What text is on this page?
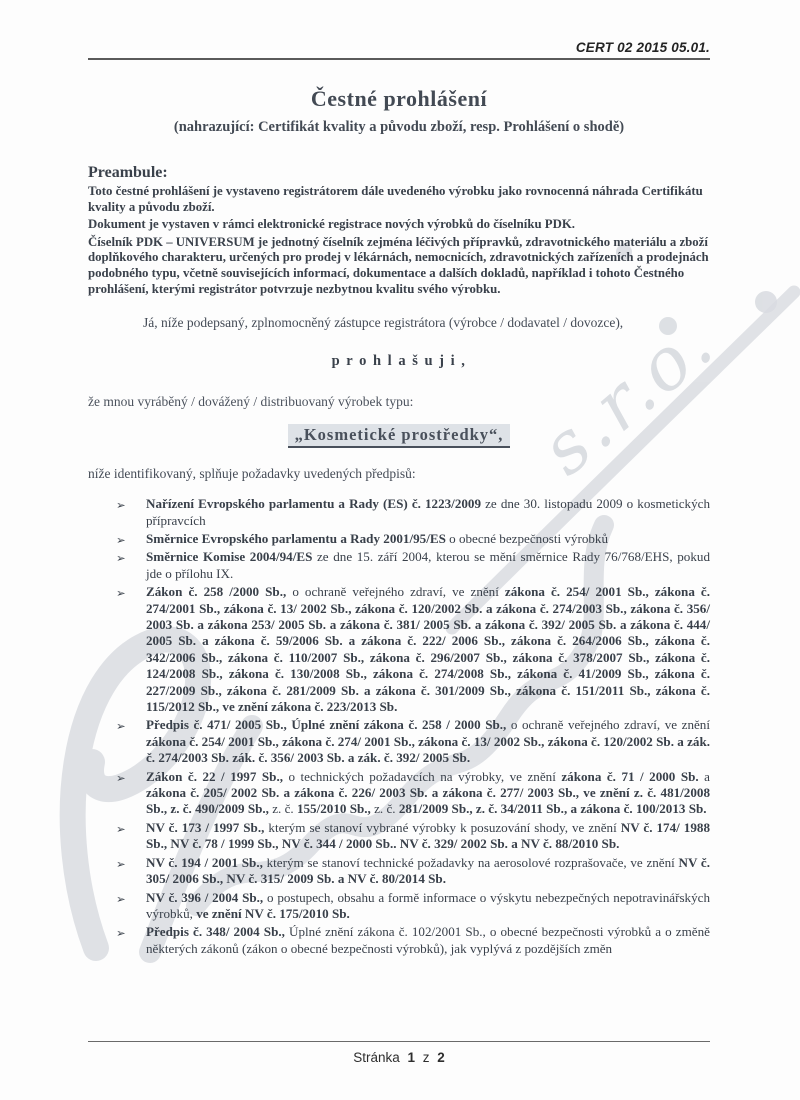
s.r.o.
CERT 02 2015 05.01.
Čestné prohlášení
(nahrazující: Certifikát kvality a původu zboží, resp. Prohlášení o shodě)
Preambule:

Toto čestné prohlášení je vystaveno registrátorem dále uvedeného výrobku jako rovnocenná náhrada Certifikátu kvality a původu zboží.

Dokument je vystaven v rámci elektronické registrace nových výrobků do číselníku PDK.

Číselník PDK – UNIVERSUM je jednotný číselník zejména léčivých přípravků, zdravotnického materiálu a zboží doplňkového charakteru, určených pro prodej v lékárnách, nemocnicích, zdravotnických zařízeních a prodejnách podobného typu, včetně souvisejících informací, dokumentace a dalších dokladů, například i tohoto Čestného prohlášení, kterými registrátor potvrzuje nezbytnou kvalitu svého výrobku.

Já, níže podepsaný, zplnomocněný zástupce registrátora (výrobce / dodavatel / dovozce),
p r o h l a š u j i ,
že mnou vyráběný / dovážený / distribuovaný výrobek typu:
„Kosmetické prostředky“,
níže identifikovaný, splňuje požadavky uvedených předpisů:
➢ Nařízení Evropského parlamentu a Rady (ES) č. 1223/2009 ze dne 30. listopadu 2009 o kosmetických přípravcích
➢ Směrnice Evropského parlamentu a Rady 2001/95/ES o obecné bezpečnosti výrobků
➢ Směrnice Komise 2004/94/ES ze dne 15. září 2004, kterou se mění směrnice Rady 76/768/EHS, pokud jde o přílohu IX.
➢ Zákon č. 258 /2000 Sb., o ochraně veřejného zdraví, ve znění zákona č. 254/ 2001 Sb., zákona č. 274/2001 Sb., zákona č. 13/ 2002 Sb., zákona č. 120/2002 Sb. a zákona č. 274/2003 Sb., zákona č. 356/ 2003 Sb. a zákona 253/ 2005 Sb. a zákona č. 381/ 2005 Sb. a zákona č. 392/ 2005 Sb. a zákona č. 444/ 2005 Sb. a zákona č. 59/2006 Sb. a zákona č. 222/ 2006 Sb., zákona č. 264/2006 Sb., zákona č. 342/2006 Sb., zákona č. 110/2007 Sb., zákona č. 296/2007 Sb., zákona č. 378/2007 Sb., zákona č. 124/2008 Sb., zákona č. 130/2008 Sb., zákona č. 274/2008 Sb., zákona č. 41/2009 Sb., zákona č. 227/2009 Sb., zákona č. 281/2009 Sb. a zákona č. 301/2009 Sb., zákona č. 151/2011 Sb., zákona č. 115/2012 Sb., ve znění zákona č. 223/2013 Sb.
➢ Předpis č. 471/ 2005 Sb., Úplné znění zákona č. 258 / 2000 Sb., o ochraně veřejného zdraví, ve znění zákona č. 254/ 2001 Sb., zákona č. 274/ 2001 Sb., zákona č. 13/ 2002 Sb., zákona č. 120/2002 Sb. a zák. č. 274/2003 Sb. zák. č. 356/ 2003 Sb. a zák. č. 392/ 2005 Sb.
➢ Zákon č. 22 / 1997 Sb., o technických požadavcích na výrobky, ve znění zákona č. 71 / 2000 Sb. a zákona č. 205/ 2002 Sb. a zákona č. 226/ 2003 Sb. a zákona č. 277/ 2003 Sb., ve znění z. č. 481/2008 Sb., z. č. 490/2009 Sb., z. č. 155/2010 Sb., z. č. 281/2009 Sb., z. č. 34/2011 Sb., a zákona č. 100/2013 Sb.
➢ NV č. 173 / 1997 Sb., kterým se stanoví vybrané výrobky k posuzování shody, ve znění NV č. 174/ 1988 Sb., NV č. 78 / 1999 Sb., NV č. 344 / 2000 Sb.. NV č. 329/ 2002 Sb. a NV č. 88/2010 Sb.
➢ NV č. 194 / 2001 Sb., kterým se stanoví technické požadavky na aerosolové rozprašovače, ve znění NV č. 305/ 2006 Sb., NV č. 315/ 2009 Sb. a NV č. 80/2014 Sb.
➢ NV č. 396 / 2004 Sb., o postupech, obsahu a formě informace o výskytu nebezpečných nepotravinářských výrobků, ve znění NV č. 175/2010 Sb.
➢ Předpis č. 348/ 2004 Sb., Úplné znění zákona č. 102/2001 Sb., o obecné bezpečnosti výrobků a o změně některých zákonů (zákon o obecné bezpečnosti výrobků), jak vyplývá z pozdějších změn
Stránka 1 z 2
